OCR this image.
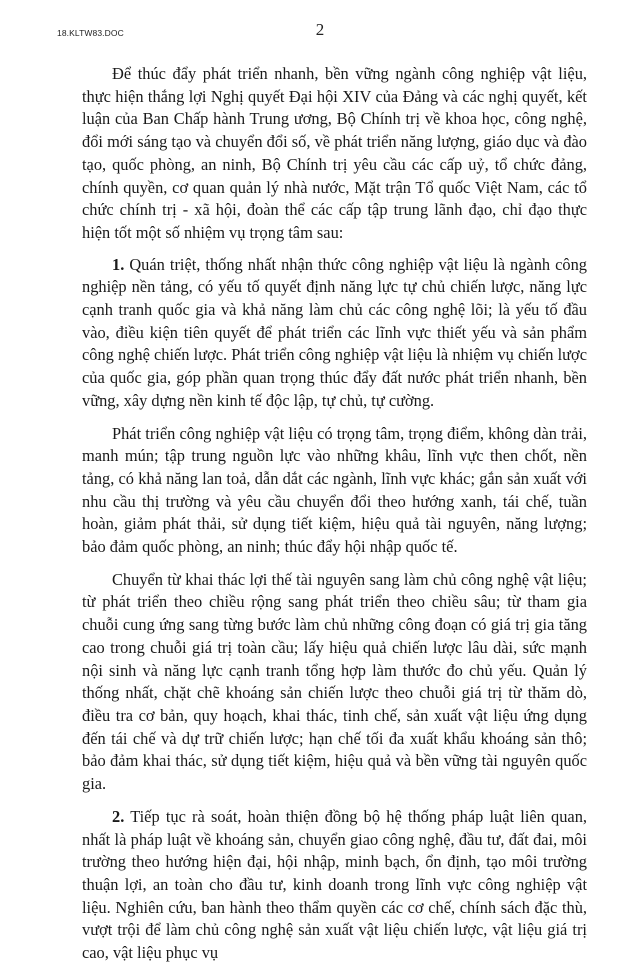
18.KLTW83.DOC	2

Để thúc đẩy phát triển nhanh, bền vững ngành công nghiệp vật liệu, thực hiện thắng lợi Nghị quyết Đại hội XIV của Đảng và các nghị quyết, kết luận của Ban Chấp hành Trung ương, Bộ Chính trị về khoa học, công nghệ, đổi mới sáng tạo và chuyển đổi số, về phát triển năng lượng, giáo dục và đào tạo, quốc phòng, an ninh, Bộ Chính trị yêu cầu các cấp uỷ, tổ chức đảng, chính quyền, cơ quan quản lý nhà nước, Mặt trận Tổ quốc Việt Nam, các tổ chức chính trị - xã hội, đoàn thể các cấp tập trung lãnh đạo, chỉ đạo thực hiện tốt một số nhiệm vụ trọng tâm sau:

1. Quán triệt, thống nhất nhận thức công nghiệp vật liệu là ngành công nghiệp nền tảng, có yếu tố quyết định năng lực tự chủ chiến lược, năng lực cạnh tranh quốc gia và khả năng làm chủ các công nghệ lõi; là yếu tố đầu vào, điều kiện tiên quyết để phát triển các lĩnh vực thiết yếu và sản phẩm công nghệ chiến lược. Phát triển công nghiệp vật liệu là nhiệm vụ chiến lược của quốc gia, góp phần quan trọng thúc đẩy đất nước phát triển nhanh, bền vững, xây dựng nền kinh tế độc lập, tự chủ, tự cường.

Phát triển công nghiệp vật liệu có trọng tâm, trọng điểm, không dàn trải, manh mún; tập trung nguồn lực vào những khâu, lĩnh vực then chốt, nền tảng, có khả năng lan toả, dẫn dắt các ngành, lĩnh vực khác; gắn sản xuất với nhu cầu thị trường và yêu cầu chuyển đổi theo hướng xanh, tái chế, tuần hoàn, giảm phát thải, sử dụng tiết kiệm, hiệu quả tài nguyên, năng lượng; bảo đảm quốc phòng, an ninh; thúc đẩy hội nhập quốc tế.

Chuyển từ khai thác lợi thế tài nguyên sang làm chủ công nghệ vật liệu; từ phát triển theo chiều rộng sang phát triển theo chiều sâu; từ tham gia chuỗi cung ứng sang từng bước làm chủ những công đoạn có giá trị gia tăng cao trong chuỗi giá trị toàn cầu; lấy hiệu quả chiến lược lâu dài, sức mạnh nội sinh và năng lực cạnh tranh tổng hợp làm thước đo chủ yếu. Quản lý thống nhất, chặt chẽ khoáng sản chiến lược theo chuỗi giá trị từ thăm dò, điều tra cơ bản, quy hoạch, khai thác, tinh chế, sản xuất vật liệu ứng dụng đến tái chế và dự trữ chiến lược; hạn chế tối đa xuất khẩu khoáng sản thô; bảo đảm khai thác, sử dụng tiết kiệm, hiệu quả và bền vững tài nguyên quốc gia.

2. Tiếp tục rà soát, hoàn thiện đồng bộ hệ thống pháp luật liên quan, nhất là pháp luật về khoáng sản, chuyển giao công nghệ, đầu tư, đất đai, môi trường theo hướng hiện đại, hội nhập, minh bạch, ổn định, tạo môi trường thuận lợi, an toàn cho đầu tư, kinh doanh trong lĩnh vực công nghiệp vật liệu. Nghiên cứu, ban hành theo thẩm quyền các cơ chế, chính sách đặc thù, vượt trội để làm chủ công nghệ sản xuất vật liệu chiến lược, vật liệu giá trị cao, vật liệu phục vụ
